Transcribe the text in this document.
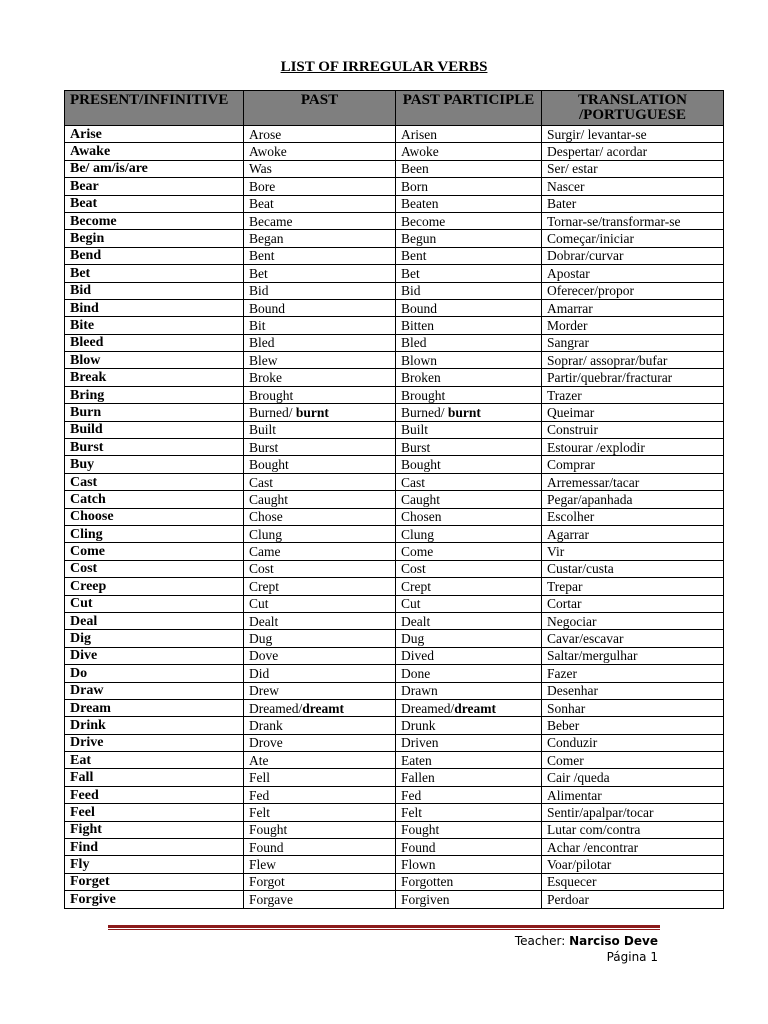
LIST OF IRREGULAR VERBS
PRESENT/INFINITIVE	PAST	PAST PARTICIPLE	TRANSLATION /PORTUGUESE
Arise	Arose	Arisen	Surgir/ levantar-se
Awake	Awoke	Awoke	Despertar/ acordar
Be/ am/is/are	Was	Been	Ser/ estar
Bear	Bore	Born	Nascer
Beat	Beat	Beaten	Bater
Become	Became	Become	Tornar-se/transformar-se
Begin	Began	Begun	Começar/iniciar
Bend	Bent	Bent	Dobrar/curvar
Bet	Bet	Bet	Apostar
Bid	Bid	Bid	Oferecer/propor
Bind	Bound	Bound	Amarrar
Bite	Bit	Bitten	Morder
Bleed	Bled	Bled	Sangrar
Blow	Blew	Blown	Soprar/ assoprar/bufar
Break	Broke	Broken	Partir/quebrar/fracturar
Bring	Brought	Brought	Trazer
Burn	Burned/ burnt	Burned/ burnt	Queimar
Build	Built	Built	Construir
Burst	Burst	Burst	Estourar /explodir
Buy	Bought	Bought	Comprar
Cast	Cast	Cast	Arremessar/tacar
Catch	Caught	Caught	Pegar/apanhada
Choose	Chose	Chosen	Escolher
Cling	Clung	Clung	Agarrar
Come	Came	Come	Vir
Cost	Cost	Cost	Custar/custa
Creep	Crept	Crept	Trepar
Cut	Cut	Cut	Cortar
Deal	Dealt	Dealt	Negociar
Dig	Dug	Dug	Cavar/escavar
Dive	Dove	Dived	Saltar/mergulhar
Do	Did	Done	Fazer
Draw	Drew	Drawn	Desenhar
Dream	Dreamed/dreamt	Dreamed/dreamt	Sonhar
Drink	Drank	Drunk	Beber
Drive	Drove	Driven	Conduzir
Eat	Ate	Eaten	Comer
Fall	Fell	Fallen	Cair /queda
Feed	Fed	Fed	Alimentar
Feel	Felt	Felt	Sentir/apalpar/tocar
Fight	Fought	Fought	Lutar com/contra
Find	Found	Found	Achar /encontrar
Fly	Flew	Flown	Voar/pilotar
Forget	Forgot	Forgotten	Esquecer
Forgive	Forgave	Forgiven	Perdoar
Teacher: Narciso Deve
Página 1
